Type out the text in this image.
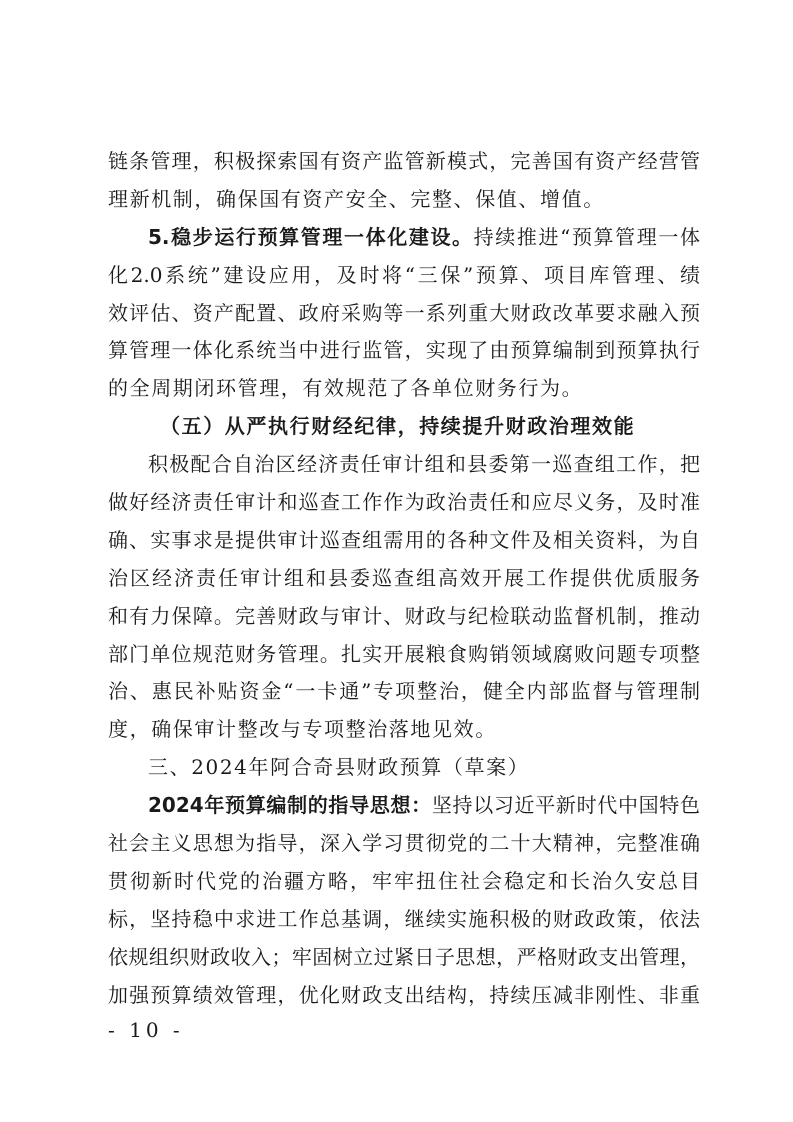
链条管理，积极探索国有资产监管新模式，完善国有资产经营管
理新机制，确保国有资产安全、完整、保值、增值。
5.稳步运行预算管理一体化建设。持续推进“预算管理一体
化2.0系统”建设应用，及时将“三保”预算、项目库管理、绩
效评估、资产配置、政府采购等一系列重大财政改革要求融入预
算管理一体化系统当中进行监管，实现了由预算编制到预算执行
的全周期闭环管理，有效规范了各单位财务行为。
（五）从严执行财经纪律，持续提升财政治理效能
积极配合自治区经济责任审计组和县委第一巡查组工作，把
做好经济责任审计和巡查工作作为政治责任和应尽义务，及时准
确、实事求是提供审计巡查组需用的各种文件及相关资料，为自
治区经济责任审计组和县委巡查组高效开展工作提供优质服务
和有力保障。完善财政与审计、财政与纪检联动监督机制，推动
部门单位规范财务管理。扎实开展粮食购销领域腐败问题专项整
治、惠民补贴资金“一卡通”专项整治，健全内部监督与管理制
度，确保审计整改与专项整治落地见效。
三、2024年阿合奇县财政预算（草案）
2024年预算编制的指导思想：坚持以习近平新时代中国特色
社会主义思想为指导，深入学习贯彻党的二十大精神，完整准确
贯彻新时代党的治疆方略，牢牢扭住社会稳定和长治久安总目
标，坚持稳中求进工作总基调，继续实施积极的财政政策，依法
依规组织财政收入；牢固树立过紧日子思想，严格财政支出管理，
加强预算绩效管理，优化财政支出结构，持续压减非刚性、非重
- 10 -
